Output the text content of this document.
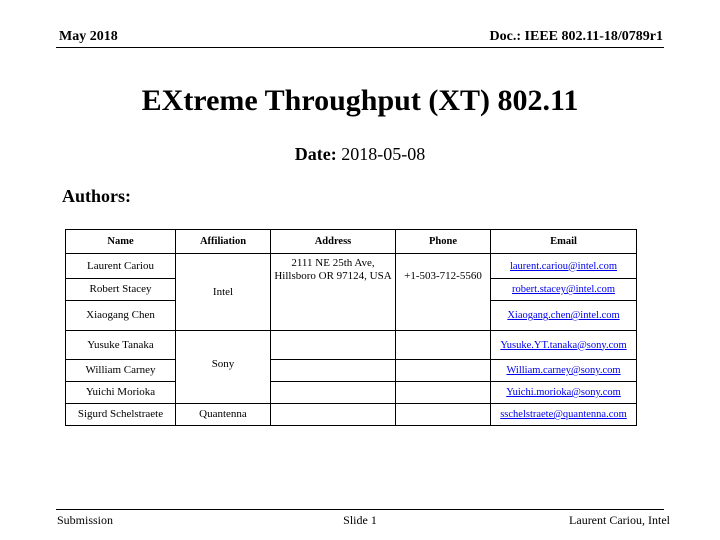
May 2018	Doc.: IEEE 802.11-18/0789r1
EXtreme Throughput (XT) 802.11
Date: 2018-05-08
Authors:
Name	Affiliation	Address	Phone	Email
Laurent Cariou	Intel	2111 NE 25th Ave, Hillsboro OR 97124, USA	+1-503-712-5560	laurent.cariou@intel.com
Robert Stacey				robert.stacey@intel.com
Xiaogang Chen				Xiaogang.chen@intel.com
Yusuke Tanaka	Sony			Yusuke.YT.tanaka@sony.com
William Carney				William.carney@sony.com
Yuichi Morioka				Yuichi.morioka@sony.com
Sigurd Schelstraete	Quantenna			sschelstraete@quantenna.com
Submission	Slide 1	Laurent Cariou, Intel
